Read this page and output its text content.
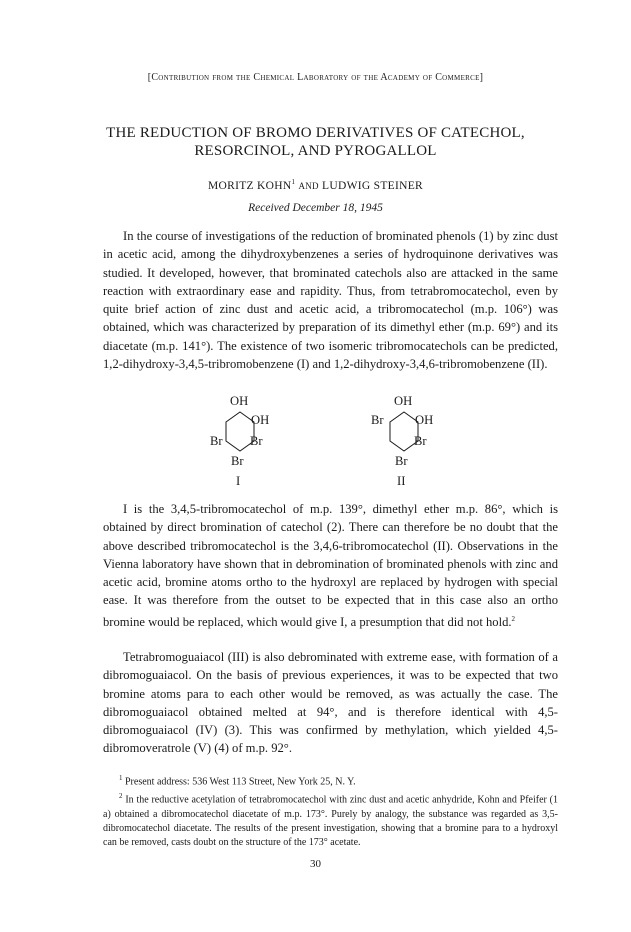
[Contribution from the Chemical Laboratory of the Academy of Commerce]
THE REDUCTION OF BROMO DERIVATIVES OF CATECHOL,
RESORCINOL, AND PYROGALLOL
MORITZ KOHN$^1$ AND LUDWIG STEINER
Received December 18, 1945

In the course of investigations of the reduction of brominated phenols (1) by zinc dust in acetic acid, among the dihydroxybenzenes a series of hydroquinone derivatives was studied. It developed, however, that brominated catechols also are attacked in the same reaction with extraordinary ease and rapidity. Thus, from tetrabromocatechol, even by quite brief action of zinc dust and acetic acid, a tribromocatechol (m.p. 106°) was obtained, which was characterized by preparation of its dimethyl ether (m.p. 69°) and its diacetate (m.p. 141°). The existence of two isomeric tribromocatechols can be predicted, 1,2-dihydroxy-3,4,5-tribromobenzene (I) and 1,2-dihydroxy-3,4,6-tribromobenzene (II).

OH
OH
Br Br
Br
I
OH
Br OH
Br
Br
II

I is the 3,4,5-tribromocatechol of m.p. 139°, dimethyl ether m.p. 86°, which is obtained by direct bromination of catechol (2). There can therefore be no doubt that the above described tribromocatechol is the 3,4,6-tribromocatechol (II). Observations in the Vienna laboratory have shown that in debromination of brominated phenols with zinc and acetic acid, bromine atoms ortho to the hydroxyl are replaced by hydrogen with special ease. It was therefore from the outset to be expected that in this case also an ortho bromine would be replaced, which would give I, a presumption that did not hold.$^2$

Tetrabromoguaiacol (III) is also debrominated with extreme ease, with formation of a dibromoguaiacol. On the basis of previous experiences, it was to be expected that two bromine atoms para to each other would be removed, as was actually the case. The dibromoguaiacol obtained melted at 94°, and is therefore identical with 4,5-dibromoguaiacol (IV) (3). This was confirmed by methylation, which yielded 4,5-dibromoveratrole (V) (4) of m.p. 92°.

$^1$ Present address: 536 West 113 Street, New York 25, N. Y.

$^2$ In the reductive acetylation of tetrabromocatechol with zinc dust and acetic anhydride, Kohn and Pfeifer (1 a) obtained a dibromocatechol diacetate of m.p. 173°. Purely by analogy, the substance was regarded as 3,5-dibromocatechol diacetate. The results of the present investigation, showing that a bromine para to a hydroxyl can be removed, casts doubt on the structure of the 173° acetate.

30
